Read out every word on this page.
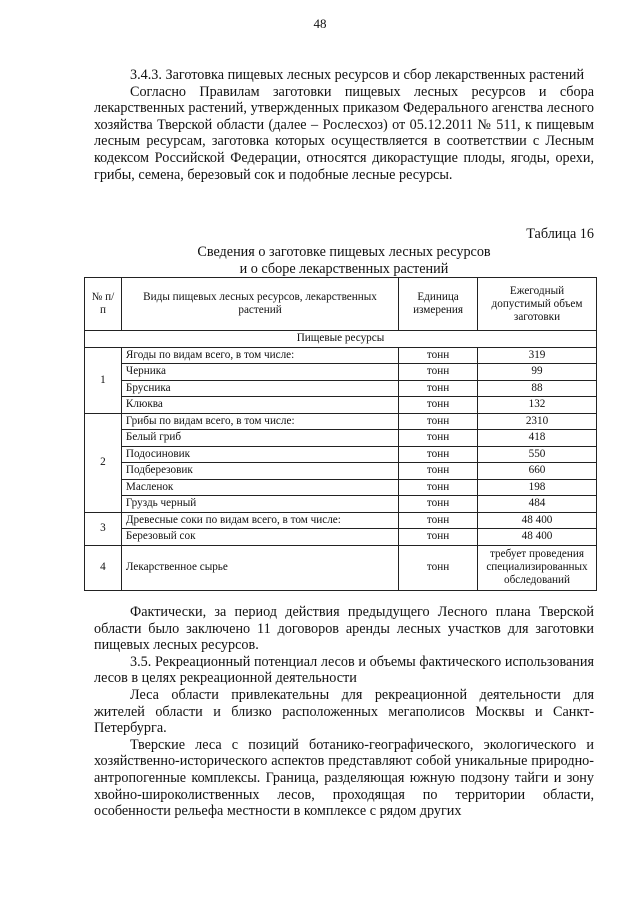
48

3.4.3. Заготовка пищевых лесных ресурсов и сбор лекарственных растений

Согласно Правилам заготовки пищевых лесных ресурсов и сбора лекарственных растений, утвержденных приказом Федерального агенства лесного хозяйства Тверской области (далее – Рослесхоз) от 05.12.2011 № 511, к пищевым лесным ресурсам, заготовка которых осуществляется в соответствии с Лесным кодексом Российской Федерации, относятся дикорастущие плоды, ягоды, орехи, грибы, семена, березовый сок и подобные лесные ресурсы.

Таблица 16
Сведения о заготовке пищевых лесных ресурсов
и о сборе лекарственных растений
№ п/п	Виды пищевых лесных ресурсов, лекарственных растений	Единица измерения	Ежегодный допустимый объем заготовки
Пищевые ресурсы			
1	Ягоды по видам всего, в том числе:	тонн	319
	Черника	тонн	99
	Брусника	тонн	88
	Клюква	тонн	132
2	Грибы по видам всего, в том числе:	тонн	2310
	Белый гриб	тонн	418
	Подосиновик	тонн	550
	Подберезовик	тонн	660
	Масленок	тонн	198
	Груздь черный	тонн	484
3	Древесные соки по видам всего, в том числе:	тонн	48 400
	Березовый сок	тонн	48 400
4	Лекарственное сырье	тонн	требует проведения специализированных обследований

Фактически, за период действия предыдущего Лесного плана Тверской области было заключено 11 договоров аренды лесных участков для заготовки пищевых лесных ресурсов.

3.5. Рекреационный потенциал лесов и объемы фактического использования лесов в целях рекреационной деятельности

Леса области привлекательны для рекреационной деятельности для жителей области и близко расположенных мегаполисов Москвы и Санкт-Петербурга.

Тверские леса с позиций ботанико-географического, экологического и хозяйственно-исторического аспектов представляют собой уникальные природно-антропогенные комплексы. Граница, разделяющая южную подзону тайги и зону хвойно-широколиственных лесов, проходящая по территории области, особенности рельефа местности в комплексе с рядом других
